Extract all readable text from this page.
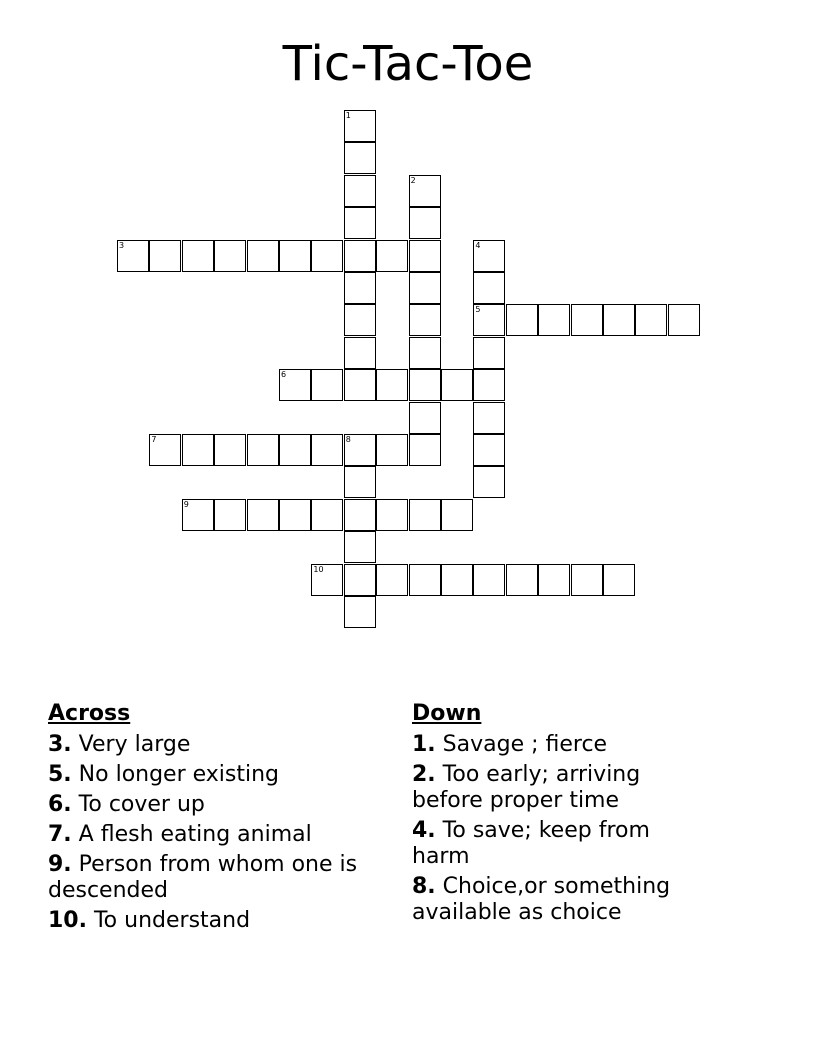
Tic-Tac-Toe
1
2
3	4
5
6
7	8
9
10
Across
3. Very large
5. No longer existing
6. To cover up
7. A flesh eating animal
9. Person from whom one is descended
10. To understand
Down
1. Savage ; fierce
2. Too early; arriving before proper time
4. To save; keep from harm
8. Choice,or something available as choice
